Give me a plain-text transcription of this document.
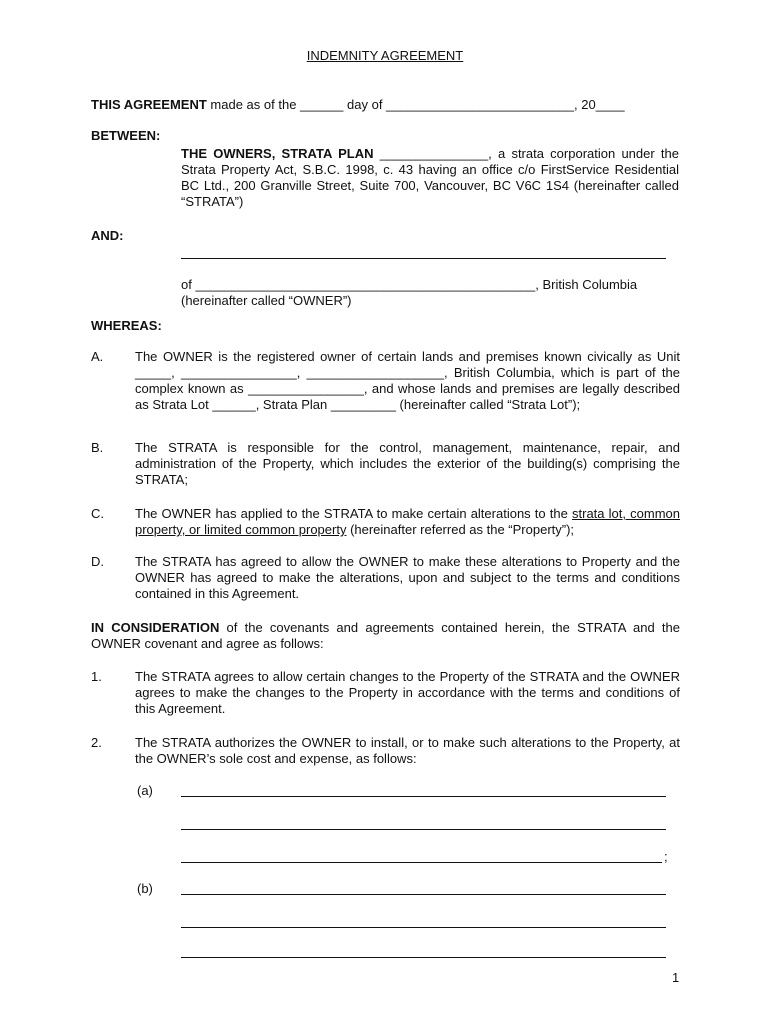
INDEMNITY AGREEMENT
THIS AGREEMENT made as of the ______ day of __________________________, 20____
BETWEEN:
THE OWNERS, STRATA PLAN _______________, a strata corporation under the Strata Property Act, S.B.C. 1998, c. 43 having an office c/o FirstService Residential BC Ltd., 200 Granville Street, Suite 700, Vancouver, BC V6C 1S4 (hereinafter called “STRATA”)
AND:
of _______________________________________________, British Columbia
(hereinafter called “OWNER”)
WHEREAS:
A. The OWNER is the registered owner of certain lands and premises known civically as Unit _____, ________________, ___________________, British Columbia, which is part of the complex known as ________________, and whose lands and premises are legally described as Strata Lot ______, Strata Plan _________ (hereinafter called “Strata Lot”);
B. The STRATA is responsible for the control, management, maintenance, repair, and administration of the Property, which includes the exterior of the building(s) comprising the STRATA;
C. The OWNER has applied to the STRATA to make certain alterations to the strata lot, common property, or limited common property (hereinafter referred as the “Property”);
D. The STRATA has agreed to allow the OWNER to make these alterations to Property and the OWNER has agreed to make the alterations, upon and subject to the terms and conditions contained in this Agreement.
IN CONSIDERATION of the covenants and agreements contained herein, the STRATA and the OWNER covenant and agree as follows:
1.	The STRATA agrees to allow certain changes to the Property of the STRATA and the OWNER agrees to make the changes to the Property in accordance with the terms and conditions of this Agreement.
2.	The STRATA authorizes the OWNER to install, or to make such alterations to the Property, at the OWNER’s sole cost and expense, as follows:
(a)
;
(b)
1
